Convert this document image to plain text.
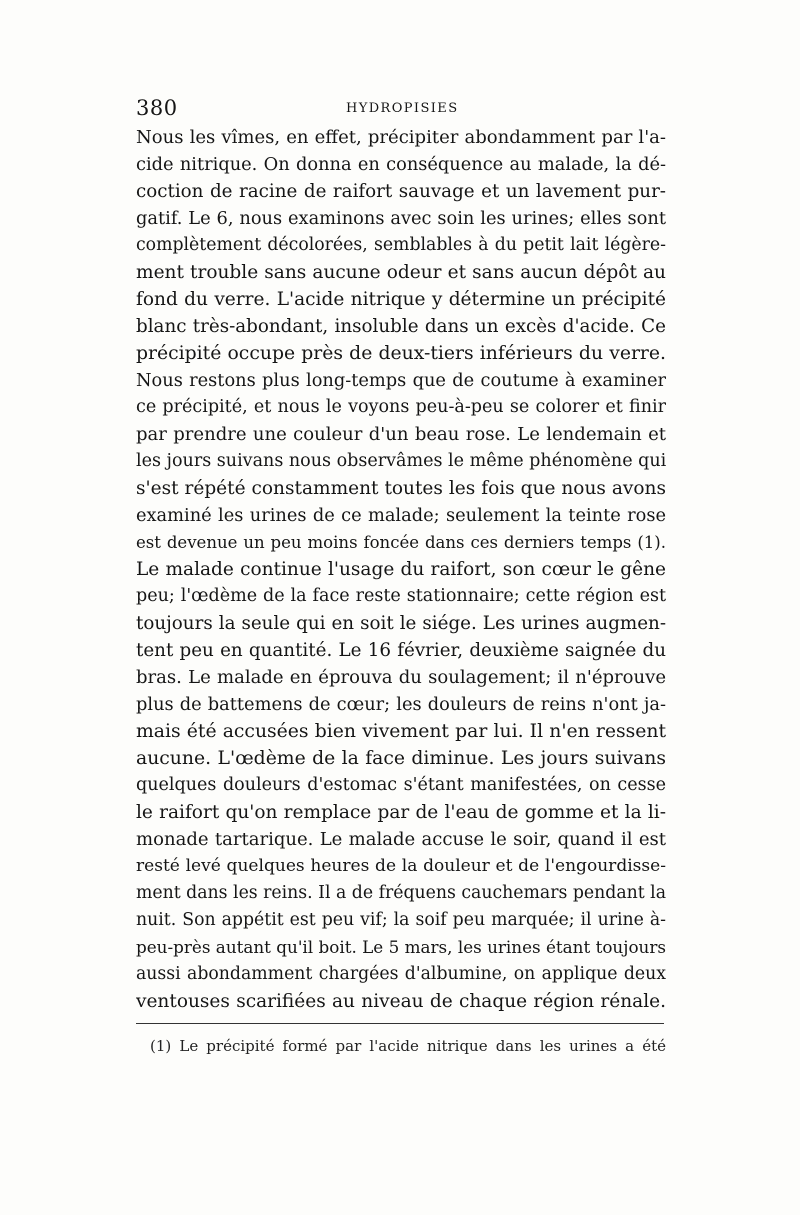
380	HYDROPISIES
Nous les vîmes, en effet, précipiter abondamment par l'a-
cide nitrique. On donna en conséquence au malade, la dé-
coction de racine de raifort sauvage et un lavement pur-
gatif. Le 6, nous examinons avec soin les urines; elles sont
complètement décolorées, semblables à du petit lait légère-
ment trouble sans aucune odeur et sans aucun dépôt au
fond du verre. L'acide nitrique y détermine un précipité
blanc très-abondant, insoluble dans un excès d'acide. Ce
précipité occupe près de deux-tiers inférieurs du verre.
Nous restons plus long-temps que de coutume à examiner
ce précipité, et nous le voyons peu-à-peu se colorer et finir
par prendre une couleur d'un beau rose. Le lendemain et
les jours suivans nous observâmes le même phénomène qui
s'est répété constamment toutes les fois que nous avons
examiné les urines de ce malade; seulement la teinte rose
est devenue un peu moins foncée dans ces derniers temps (1).
Le malade continue l'usage du raifort, son cœur le gêne
peu; l'œdème de la face reste stationnaire; cette région est
toujours la seule qui en soit le siége. Les urines augmen-
tent peu en quantité. Le 16 février, deuxième saignée du
bras. Le malade en éprouva du soulagement; il n'éprouve
plus de battemens de cœur; les douleurs de reins n'ont ja-
mais été accusées bien vivement par lui. Il n'en ressent
aucune. L'œdème de la face diminue. Les jours suivans
quelques douleurs d'estomac s'étant manifestées, on cesse
le raifort qu'on remplace par de l'eau de gomme et la li-
monade tartarique. Le malade accuse le soir, quand il est
resté levé quelques heures de la douleur et de l'engourdisse-
ment dans les reins. Il a de fréquens cauchemars pendant la
nuit. Son appétit est peu vif; la soif peu marquée; il urine à-
peu-près autant qu'il boit. Le 5 mars, les urines étant toujours
aussi abondamment chargées d'albumine, on applique deux
ventouses scarifiées au niveau de chaque région rénale.
(1) Le précipité formé par l'acide nitrique dans les urines a été
